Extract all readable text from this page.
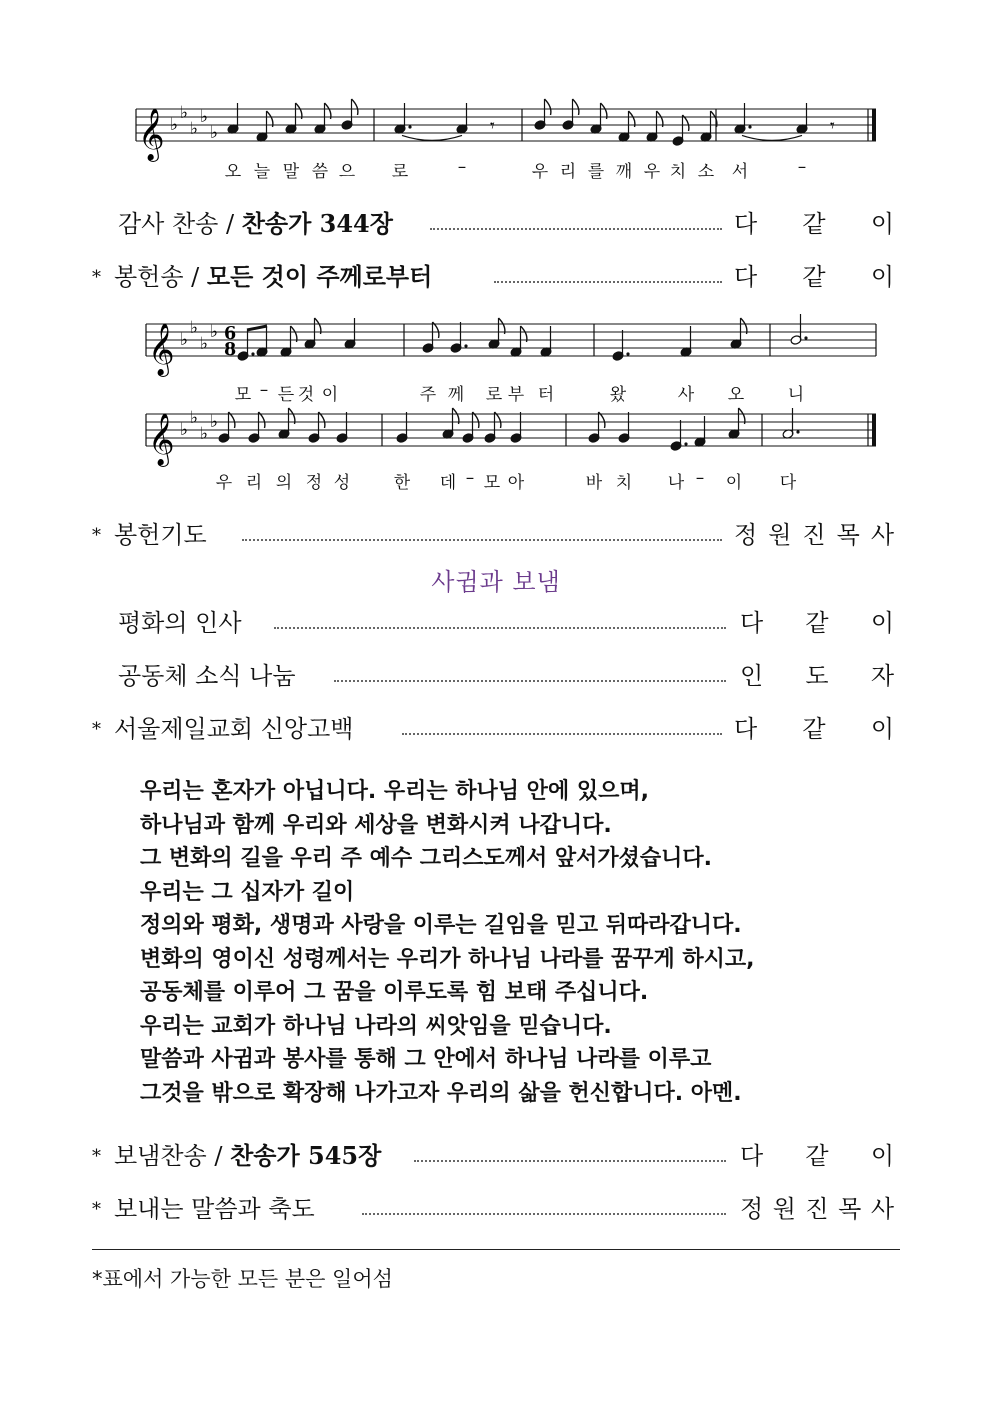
𝄞 ♭
♭
♭
♭
♭	𝄾	𝄾
오 늘 말 씀 으 로	–	우 리 를 깨 우 치 소 서	–
감사 찬송 / 찬송가 344장	다 같 이
* 봉헌송 / 모든 것이 주께로부터	다 같 이
𝄞 ♭
♭
♭
♭ 6
8
모 – 든 것 이	주 께 로 부 터	왔	사 오	니
𝄞 ♭
♭
♭
♭
우 리 의 정 성	한 데 – 모 아	바 치 나 – 이 다
* 봉헌기도	정 원 진 목 사
사귐과 보냄
평화의 인사	다 같 이
공동체 소식 나눔	인 도 자
* 서울제일교회 신앙고백	다 같 이
우리는 혼자가 아닙니다. 우리는 하나님 안에 있으며,
하나님과 함께 우리와 세상을 변화시켜 나갑니다.
그 변화의 길을 우리 주 예수 그리스도께서 앞서가셨습니다.
우리는 그 십자가 길이
정의와 평화, 생명과 사랑을 이루는 길임을 믿고 뒤따라갑니다.
변화의 영이신 성령께서는 우리가 하나님 나라를 꿈꾸게 하시고,
공동체를 이루어 그 꿈을 이루도록 힘 보태 주십니다.
우리는 교회가 하나님 나라의 씨앗임을 믿습니다.
말씀과 사귐과 봉사를 통해 그 안에서 하나님 나라를 이루고
그것을 밖으로 확장해 나가고자 우리의 삶을 헌신합니다. 아멘.
* 보냄찬송 / 찬송가 545장	다 같 이
* 보내는 말씀과 축도	정 원 진 목 사
*표에서 가능한 모든 분은 일어섬
